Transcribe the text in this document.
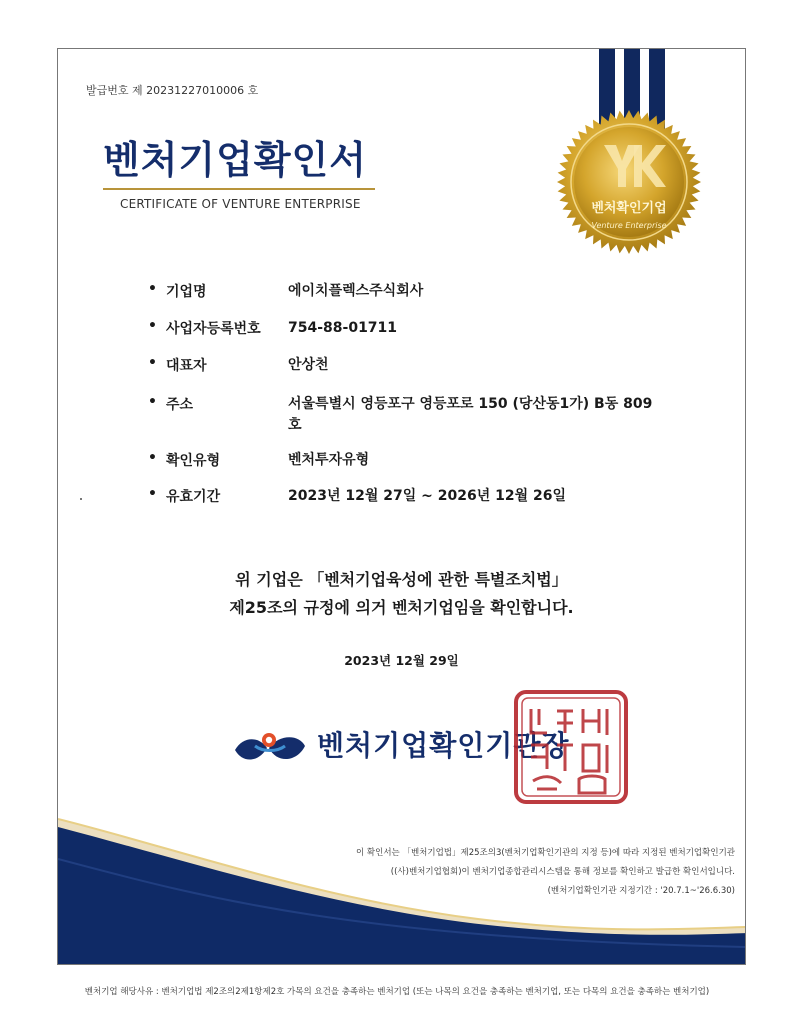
발급번호 제 20231227010006 호
벤처기업확인서
CERTIFICATE OF VENTURE ENTERPRISE	벤처확인기업
Venture Enterprise
• 기업명	에이치플렉스주식회사
• 사업자등록번호 754-88-01711
• 대표자	안상천
• 주소	서울특별시 영등포구 영등포로 150 (당산동1가) B동 809호
• 확인유형	벤처투자유형
• 유효기간	2023년 12월 27일 ~ 2026년 12월 26일
위 기업은 「벤처기업육성에 관한 특별조치법」
제25조의 규정에 의거 벤처기업임을 확인합니다.
2023년 12월 29일
벤처기업확인기관장
이 확인서는 「벤처기업법」제25조의3(벤처기업확인기관의 지정 등)에 따라 지정된 벤처기업확인기관
((사)벤처기업협회)이 벤처기업종합관리시스템을 통해 정보를 확인하고 발급한 확인서입니다.
(벤처기업확인기관 지정기간 : '20.7.1~'26.6.30)
벤처기업 해당사유 : 벤처기업법 제2조의2제1항제2호 가목의 요건을 충족하는 벤처기업 (또는 나목의 요건을 충족하는 벤처기업, 또는 다목의 요건을 충족하는 벤처기업)
